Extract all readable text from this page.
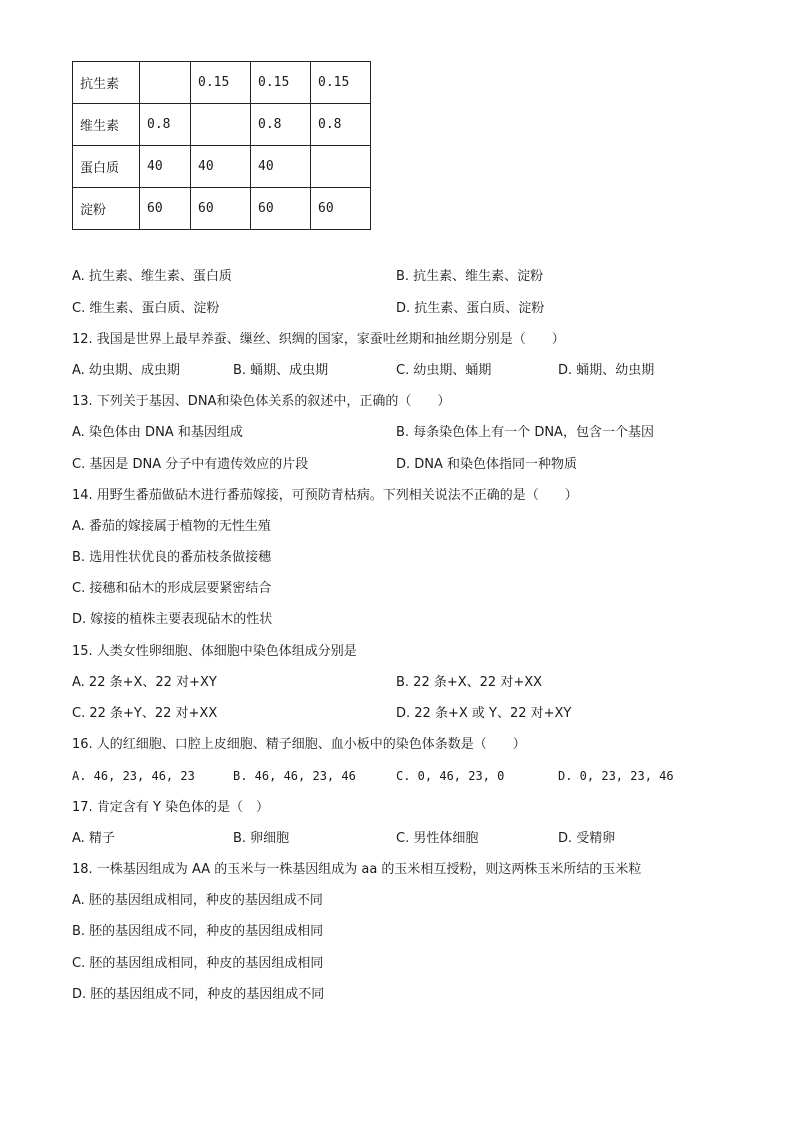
抗生素		0.15	0.15	0.15
维生素	0.8		0.8	0.8
蛋白质	40	40	40	
淀粉	60	60	60	60
A. 抗生素、维生素、蛋白质	B. 抗生素、维生素、淀粉
C. 维生素、蛋白质、淀粉	D. 抗生素、蛋白质、淀粉
12. 我国是世界上最早养蚕、缫丝、织绸的国家，家蚕吐丝期和抽丝期分别是（　　）
A. 幼虫期、成虫期	B. 蛹期、成虫期	C. 幼虫期、蛹期	D. 蛹期、幼虫期
13. 下列关于基因、DNA和染色体关系的叙述中，正确的（　　）
A. 染色体由 DNA 和基因组成	B. 每条染色体上有一个 DNA，包含一个基因
C. 基因是 DNA 分子中有遗传效应的片段	D. DNA 和染色体指同一种物质
14. 用野生番茄做砧木进行番茄嫁接，可预防青枯病。下列相关说法不正确的是（　　）
A. 番茄的嫁接属于植物的无性生殖
B. 选用性状优良的番茄枝条做接穗
C. 接穗和砧木的形成层要紧密结合
D. 嫁接的植株主要表现砧木的性状
15. 人类女性卵细胞、体细胞中染色体组成分别是
A. 22 条+X、22 对+XY	B. 22 条+X、22 对+XX
C. 22 条+Y、22 对+XX	D. 22 条+X 或 Y、22 对+XY
16. 人的红细胞、口腔上皮细胞、精子细胞、血小板中的染色体条数是（　　）
A. 46, 23, 46, 23	B. 46, 46, 23, 46	C. 0, 46, 23, 0	D. 0, 23, 23, 46
17. 肯定含有 Y 染色体的是（　）
A. 精子	B. 卵细胞	C. 男性体细胞	D. 受精卵
18. 一株基因组成为 AA 的玉米与一株基因组成为 aa 的玉米相互授粉，则这两株玉米所结的玉米粒
A. 胚的基因组成相同，种皮的基因组成不同
B. 胚的基因组成不同，种皮的基因组成相同
C. 胚的基因组成相同，种皮的基因组成相同
D. 胚的基因组成不同，种皮的基因组成不同
